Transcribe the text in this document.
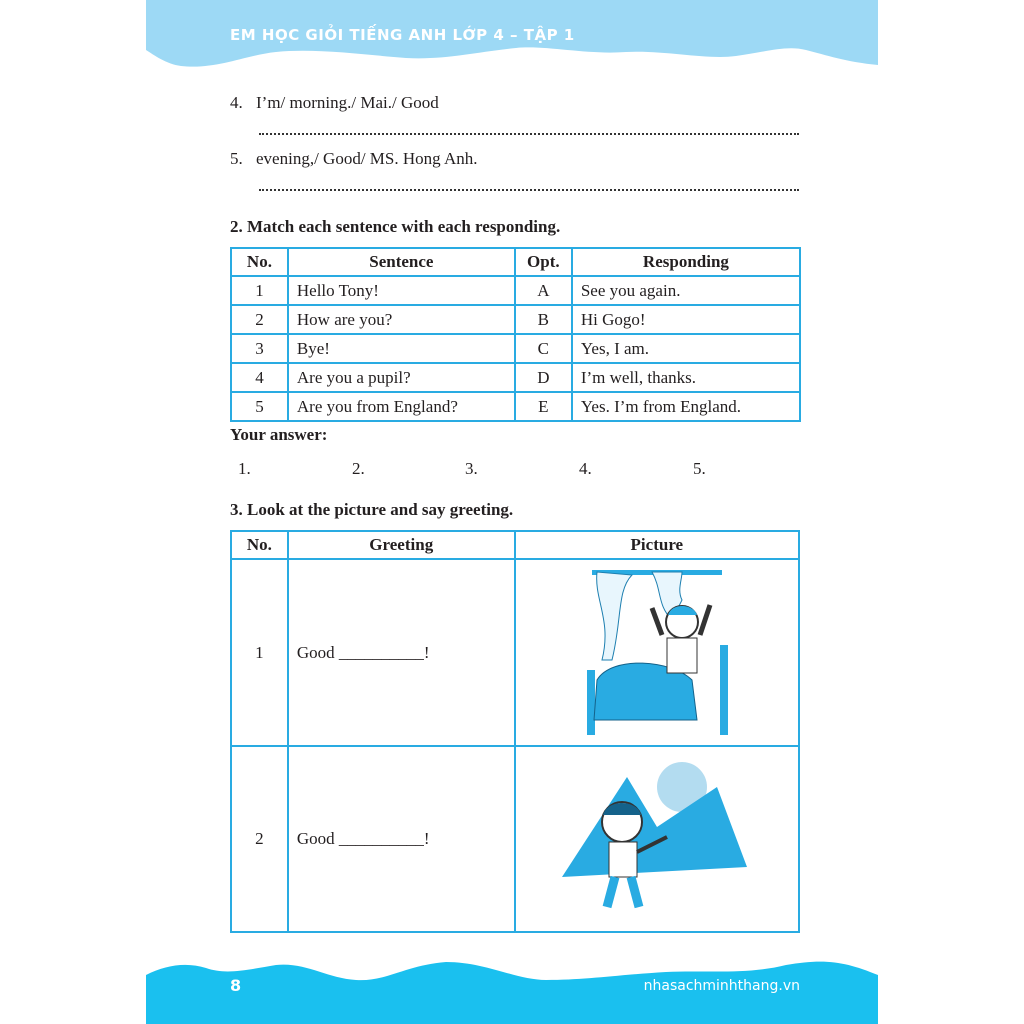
EM HỌC GIỎI TIẾNG ANH LỚP 4 – TẬP 1
8	nhasachminhthang.vn
4. I’m/ morning./ Mai./ Good
5. evening,/ Good/ MS. Hong Anh.
2. Match each sentence with each responding.
No.	Sentence	Opt.	Responding
1	Hello Tony!	A	See you again.
2	How are you?	B	Hi Gogo!
3	Bye!	C	Yes, I am.
4	Are you a pupil?	D	I’m well, thanks.
5	Are you from England?	E	Yes. I’m from England.
Your answer:
1.	2.	3.	4.	5.
3. Look at the picture and say greeting.
No.	Greeting	Picture
1	Good __________!	
2	Good __________!	
